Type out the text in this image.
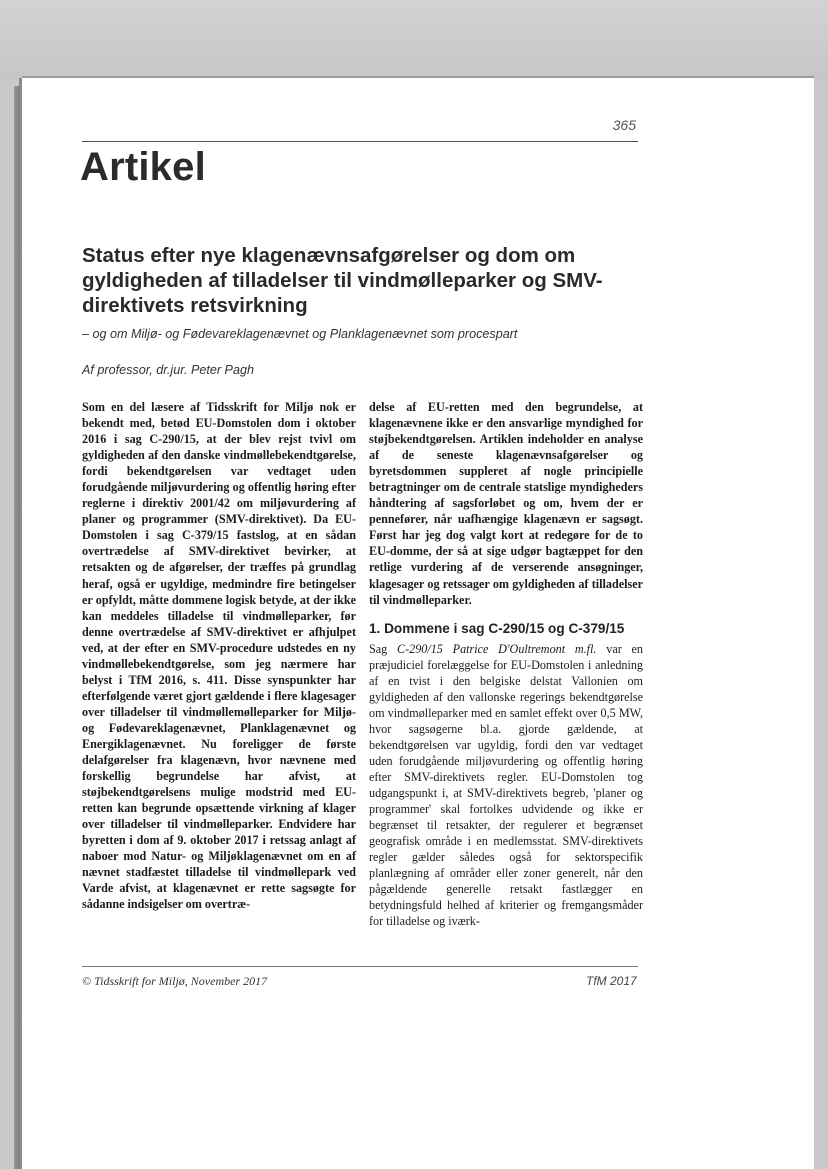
365
Artikel
Status efter nye klagenævnsafgørelser og dom om gyldigheden af tilladelser til vindmølleparker og SMV-direktivets retsvirkning

– og om Miljø- og Fødevareklagenævnet og Planklagenævnet som procespart

Af professor, dr.jur. Peter Pagh

Som en del læsere af Tidsskrift for Miljø nok er bekendt med, betød EU-Domstolen dom i oktober 2016 i sag C-290/15, at der blev rejst tvivl om gyldigheden af den danske vindmøllebekendtgørelse, fordi bekendtgørelsen var vedtaget uden forudgående miljøvurdering og offentlig høring efter reglerne i direktiv 2001/42 om miljøvurdering af planer og programmer (SMV-direktivet). Da EU-Domstolen i sag C-379/15 fastslog, at en sådan overtrædelse af SMV-direktivet bevirker, at retsakten og de afgørelser, der træffes på grundlag heraf, også er ugyldige, medmindre fire betingelser er opfyldt, måtte dommene logisk betyde, at der ikke kan meddeles tilladelse til vindmølleparker, før denne overtrædelse af SMV-direktivet er afhjulpet ved, at der efter en SMV-procedure udstedes en ny vindmøllebekendtgørelse, som jeg nærmere har belyst i TfM 2016, s. 411. Disse synspunkter har efterfølgende været gjort gældende i flere klagesager over tilladelser til vindmøllemølleparker for Miljø- og Fødevareklagenævnet, Planklagenævnet og Energiklagenævnet. Nu foreligger de første delafgørelser fra klagenævn, hvor nævnene med forskellig begrundelse har afvist, at støjbekendtgørelsens mulige modstrid med EU-retten kan begrunde opsættende virkning af klager over tilladelser til vindmølleparker. Endvidere har byretten i dom af 9. oktober 2017 i retssag anlagt af naboer mod Natur- og Miljøklagenævnet om en af nævnet stadfæstet tilladelse til vindmøllepark ved Varde afvist, at klagenævnet er rette sagsøgte for sådanne indsigelser om overtræ-

delse af EU-retten med den begrundelse, at klagenævnene ikke er den ansvarlige myndighed for støjbekendtgørelsen. Artiklen indeholder en analyse af de seneste klagenævnsafgørelser og byretsdommen suppleret af nogle principielle betragtninger om de centrale statslige myndigheders håndtering af sagsforløbet og om, hvem der er pennefører, når uafhængige klagenævn er sagsøgt. Først har jeg dog valgt kort at redegøre for de to EU-domme, der så at sige udgør bagtæppet for den retlige vurdering af de verserende ansøgninger, klagesager og retssager om gyldigheden af tilladelser til vindmølleparker.

1. Dommene i sag C-290/15 og C-379/15

Sag C-290/15 Patrice D'Oultremont m.fl. var en præjudiciel forelæggelse for EU-Domstolen i anledning af en tvist i den belgiske delstat Vallonien om gyldigheden af den vallonske regerings bekendtgørelse om vindmølleparker med en samlet effekt over 0,5 MW, hvor sagsøgerne bl.a. gjorde gældende, at bekendtgørelsen var ugyldig, fordi den var vedtaget uden forudgående miljøvurdering og offentlig høring efter SMV-direktivets regler. EU-Domstolen tog udgangspunkt i, at SMV-direktivets begreb, 'planer og programmer' skal fortolkes udvidende og ikke er begrænset til retsakter, der regulerer et begrænset geografisk område i en medlemsstat. SMV-direktivets regler gælder således også for sektorspecifik planlægning af områder eller zoner generelt, når den pågældende generelle retsakt fastlægger en betydningsfuld helhed af kriterier og fremgangsmåder for tilladelse og iværk-

© Tidsskrift for Miljø, November 2017	TfM 2017
